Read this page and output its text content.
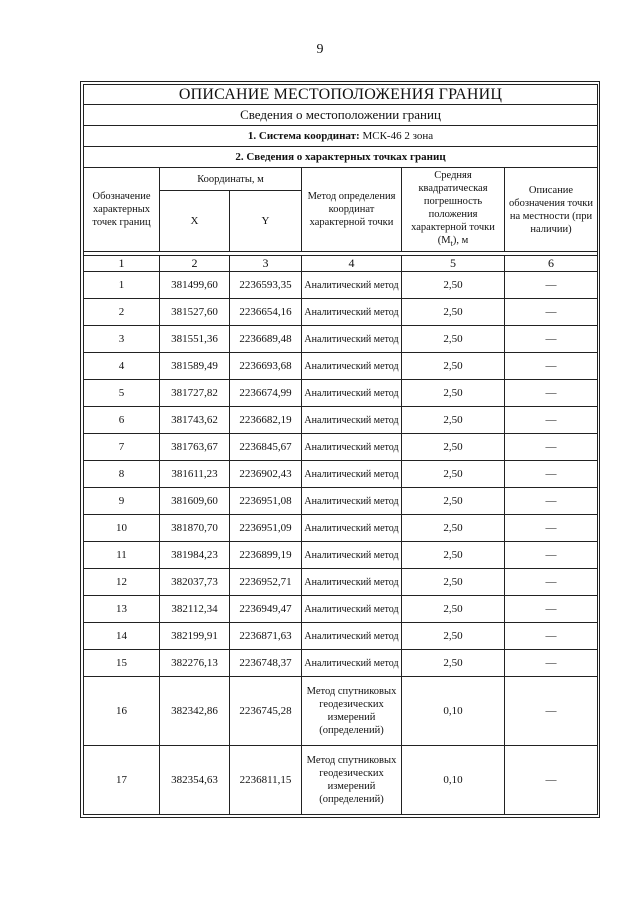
9
ОПИСАНИЕ МЕСТОПОЛОЖЕНИЯ ГРАНИЦ					
Сведения о местоположении границ					
1. Система координат: МСК-46 2 зона					
2. Сведения о характерных точках границ					
Обозначение характерных точек границ	Координаты, м		Метод определения координат характерной точки	Средняя квадратическая погрешность положения характерной точки $(M_t)$, м	Описание обозначения точки на местности (при наличии)
	X	Y			

1	2	3	4	5	6
1	381499,60	2236593,35	Аналитический метод	2,50	—
2	381527,60	2236654,16	Аналитический метод	2,50	—
3	381551,36	2236689,48	Аналитический метод	2,50	—
4	381589,49	2236693,68	Аналитический метод	2,50	—
5	381727,82	2236674,99	Аналитический метод	2,50	—
6	381743,62	2236682,19	Аналитический метод	2,50	—
7	381763,67	2236845,67	Аналитический метод	2,50	—
8	381611,23	2236902,43	Аналитический метод	2,50	—
9	381609,60	2236951,08	Аналитический метод	2,50	—
10	381870,70	2236951,09	Аналитический метод	2,50	—
11	381984,23	2236899,19	Аналитический метод	2,50	—
12	382037,73	2236952,71	Аналитический метод	2,50	—
13	382112,34	2236949,47	Аналитический метод	2,50	—
14	382199,91	2236871,63	Аналитический метод	2,50	—
15	382276,13	2236748,37	Аналитический метод	2,50	—
16	382342,86	2236745,28	Метод спутниковых геодезических измерений (определений)	0,10	—
17	382354,63	2236811,15	Метод спутниковых геодезических измерений (определений)	0,10	—
